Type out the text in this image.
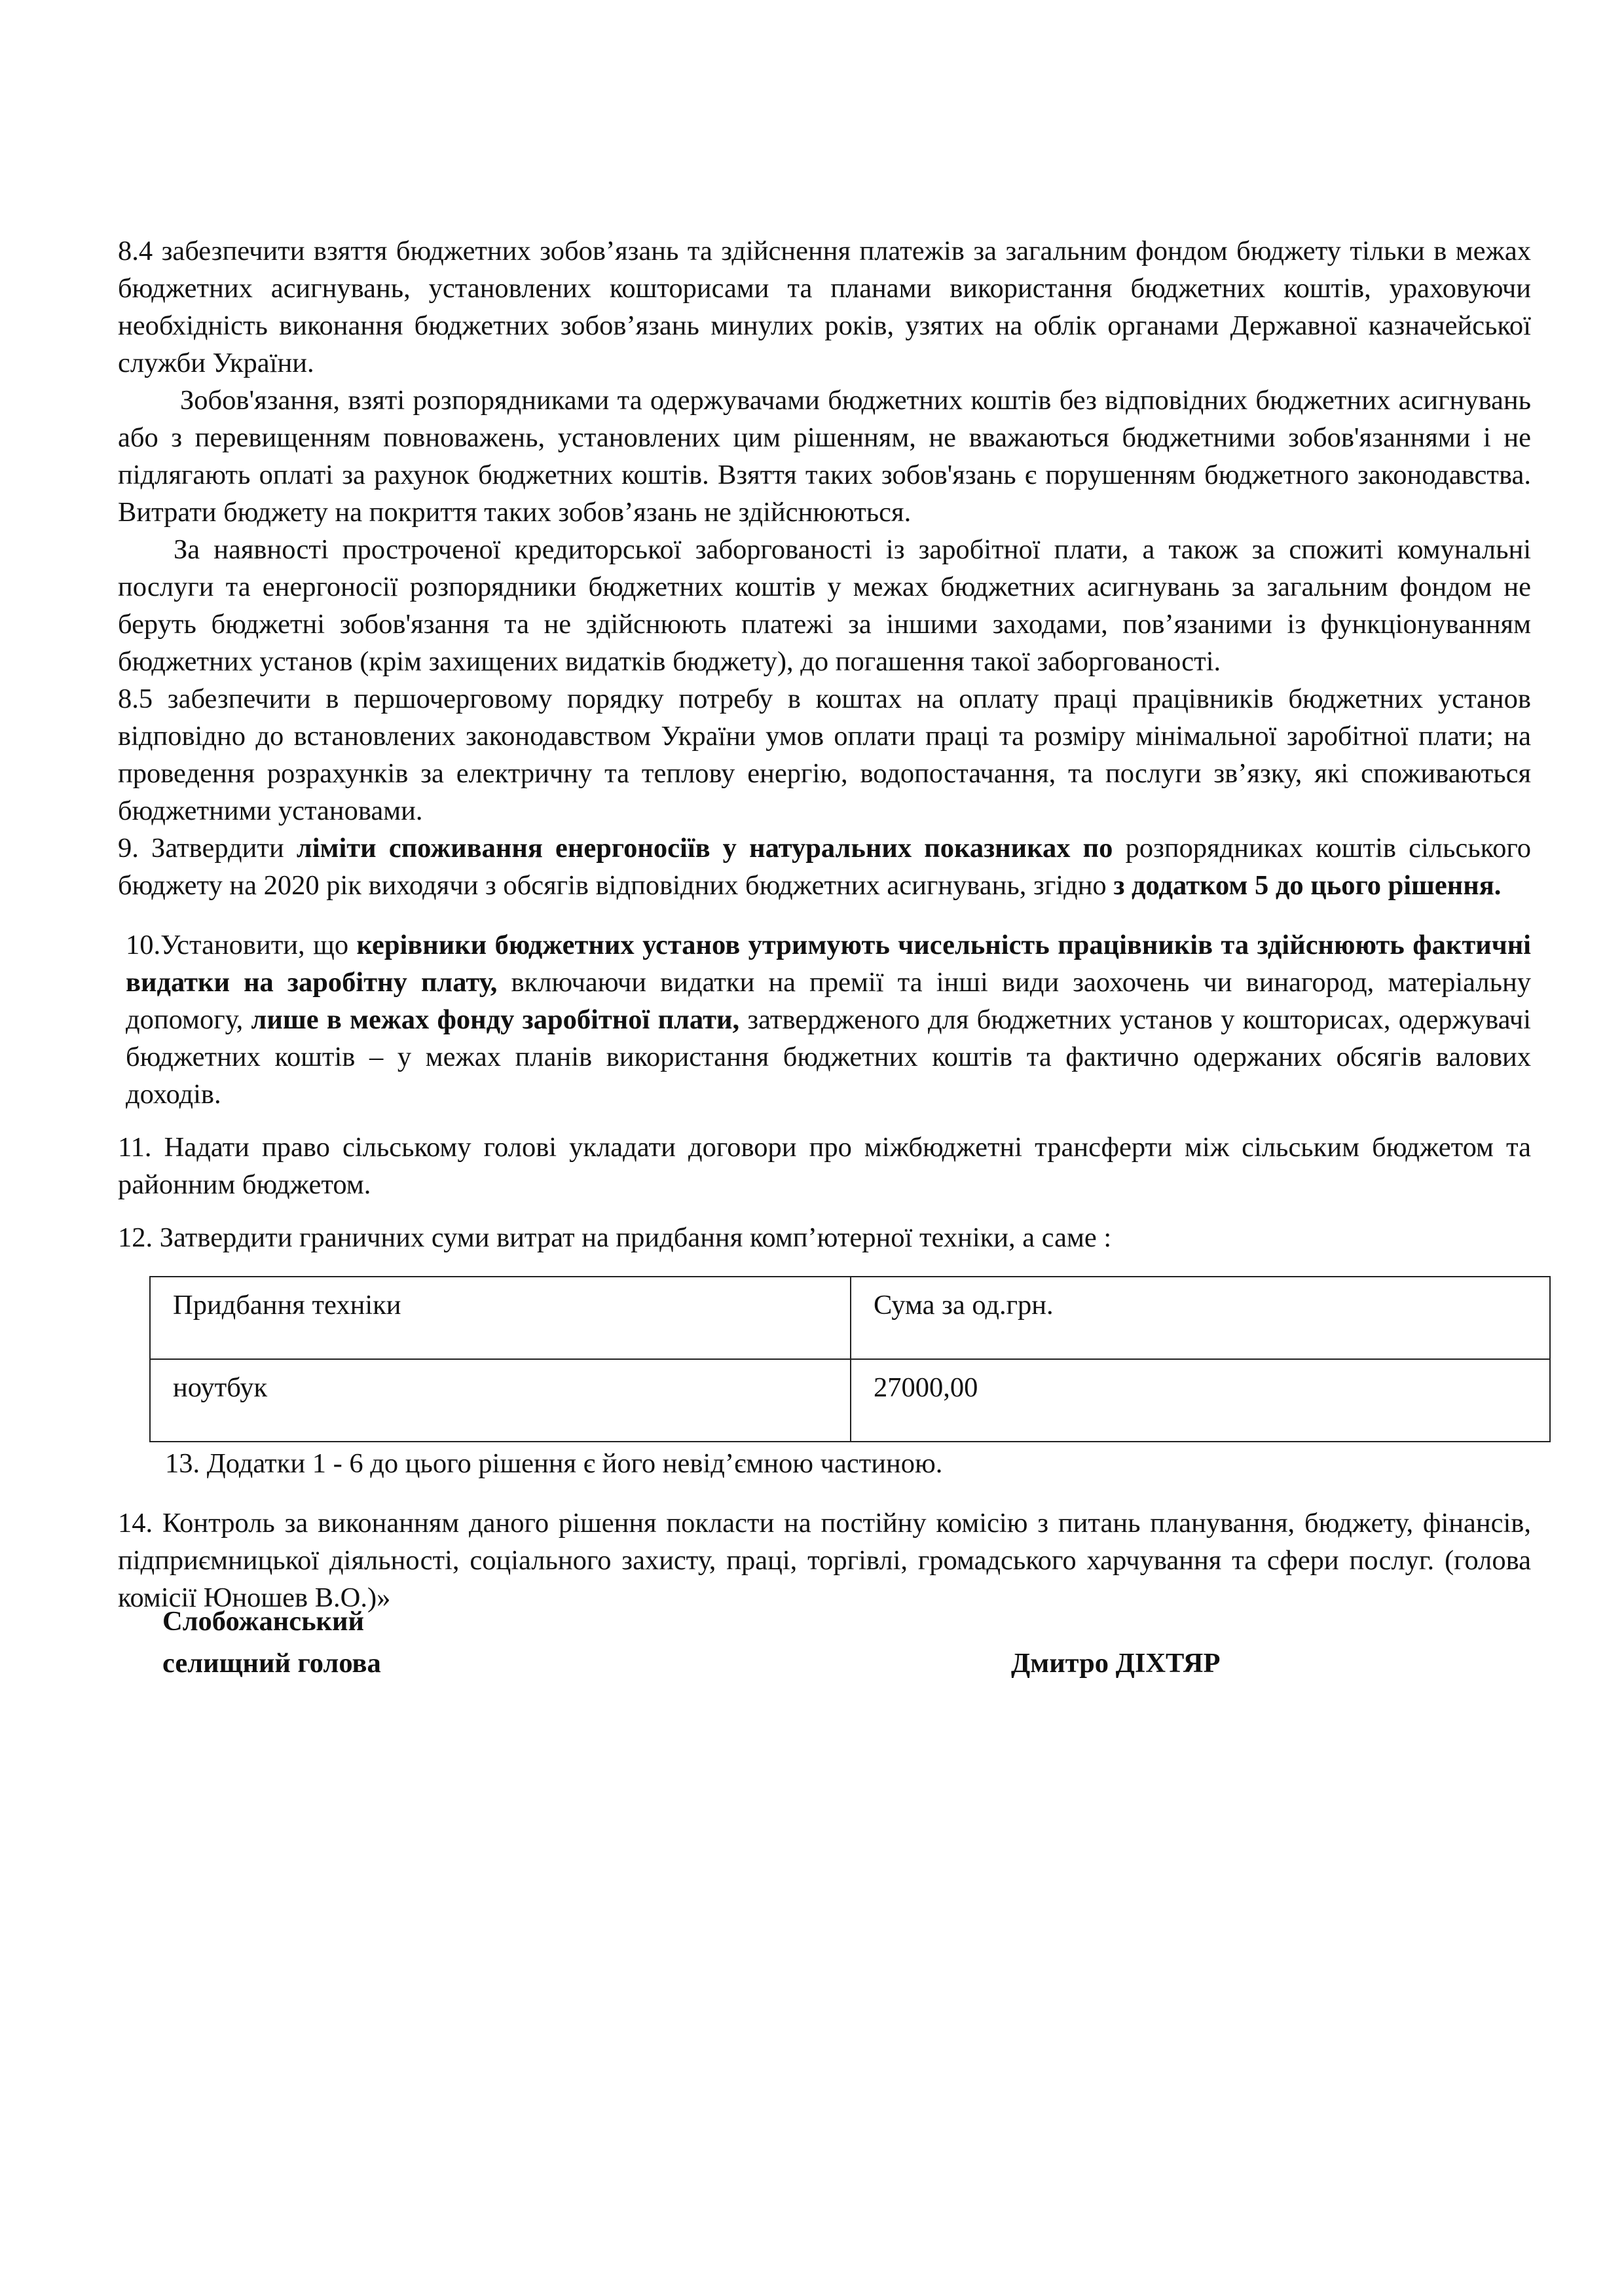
8.4 забезпечити взяття бюджетних зобов’язань та здійснення платежів за загальним фондом бюджету тільки в межах бюджетних асигнувань, установлених кошторисами та планами використання бюджетних коштів, ураховуючи необхідність виконання бюджетних зобов’язань минулих років, узятих на облік органами Державної казначейської служби України.

Зобов'язання, взяті розпорядниками та одержувачами бюджетних коштів без відповідних бюджетних асигнувань або з перевищенням повноважень, установлених цим рішенням, не вважаються бюджетними зобов'язаннями і не підлягають оплаті за рахунок бюджетних коштів. Взяття таких зобов'язань є порушенням бюджетного законодавства. Витрати бюджету на покриття таких зобов’язань не здійснюються.

За наявності простроченої кредиторської заборгованості із заробітної плати, а також за спожиті комунальні послуги та енергоносії розпорядники бюджетних коштів у межах бюджетних асигнувань за загальним фондом не беруть бюджетні зобов'язання та не здійснюють платежі за іншими заходами, пов’язаними із функціонуванням бюджетних установ (крім захищених видатків бюджету), до погашення такої заборгованості.

8.5 забезпечити в першочерговому порядку потребу в коштах на оплату праці працівників бюджетних установ відповідно до встановлених законодавством України умов оплати праці та розміру мінімальної заробітної плати; на проведення розрахунків за електричну та теплову енергію, водопостачання, та послуги зв’язку, які споживаються бюджетними установами.

9. Затвердити ліміти споживання енергоносіїв у натуральних показниках по розпорядниках коштів сільського бюджету на 2020 рік виходячи з обсягів відповідних бюджетних асигнувань, згідно з додатком 5 до цього рішення.

10.Установити, що керівники бюджетних установ утримують чисельність працівників та здійснюють фактичні видатки на заробітну плату, включаючи видатки на премії та інші види заохочень чи винагород, матеріальну допомогу, лише в межах фонду заробітної плати, затвердженого для бюджетних установ у кошторисах, одержувачі бюджетних коштів – у межах планів використання бюджетних коштів та фактично одержаних обсягів валових доходів.

11. Надати право сільському голові укладати договори про міжбюджетні трансферти між сільським бюджетом та районним бюджетом.

12. Затвердити граничних суми витрат на придбання комп’ютерної техніки, а саме :

Придбання техніки	Сума за од.грн.
ноутбук	27000,00

13. Додатки 1 - 6 до цього рішення є його невід’ємною частиною.

14. Контроль за виконанням даного рішення покласти на постійну комісію з питань планування, бюджету, фінансів, підприємницької діяльності, соціального захисту, праці, торгівлі, громадського харчування та сфери послуг. (голова комісії Юношев В.О.)»

Слобожанський
селищний голова	Дмитро ДІХТЯР
